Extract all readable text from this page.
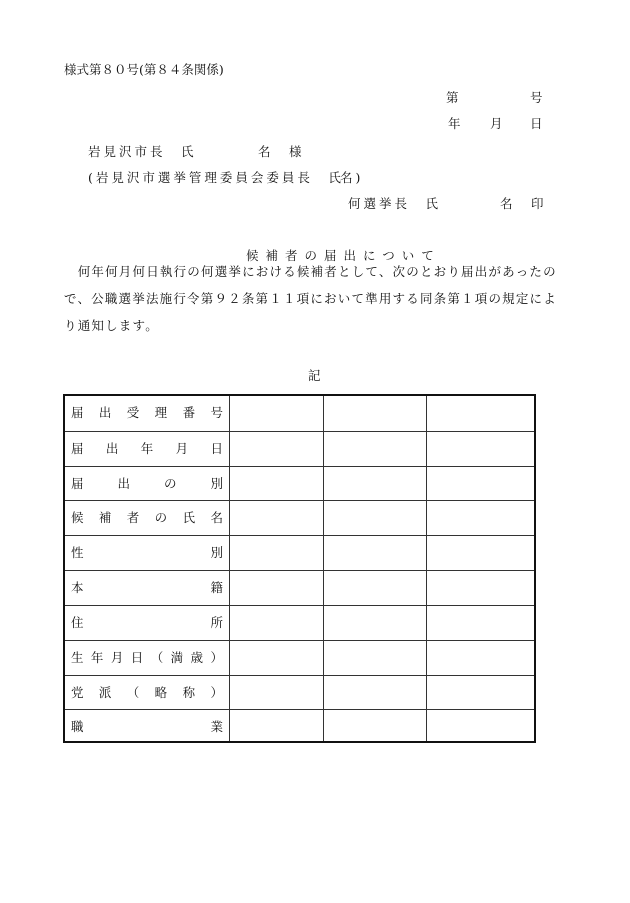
様式第８０号(第８４条関係)
第	号
年 月 日
岩見沢市長　氏	名　様
(岩見沢市選挙管理委員会委員長　氏
名)
何選挙長　氏	名　印
候補者の届出について
　何年何月何日執行の何選挙における候補者として、次のとおり届出があったので、公職選挙法施行令第９２条第１１項において準用する同条第１項の規定により通知します。
記
届 出 受 理 番 号
届 出 年 月 日
届	出	の	別
候 補 者 の 氏 名
性	別
本	籍
住	所
生 年 月 日 （ 満 歳 ）
党 派 （ 略 称 ）
職	業
